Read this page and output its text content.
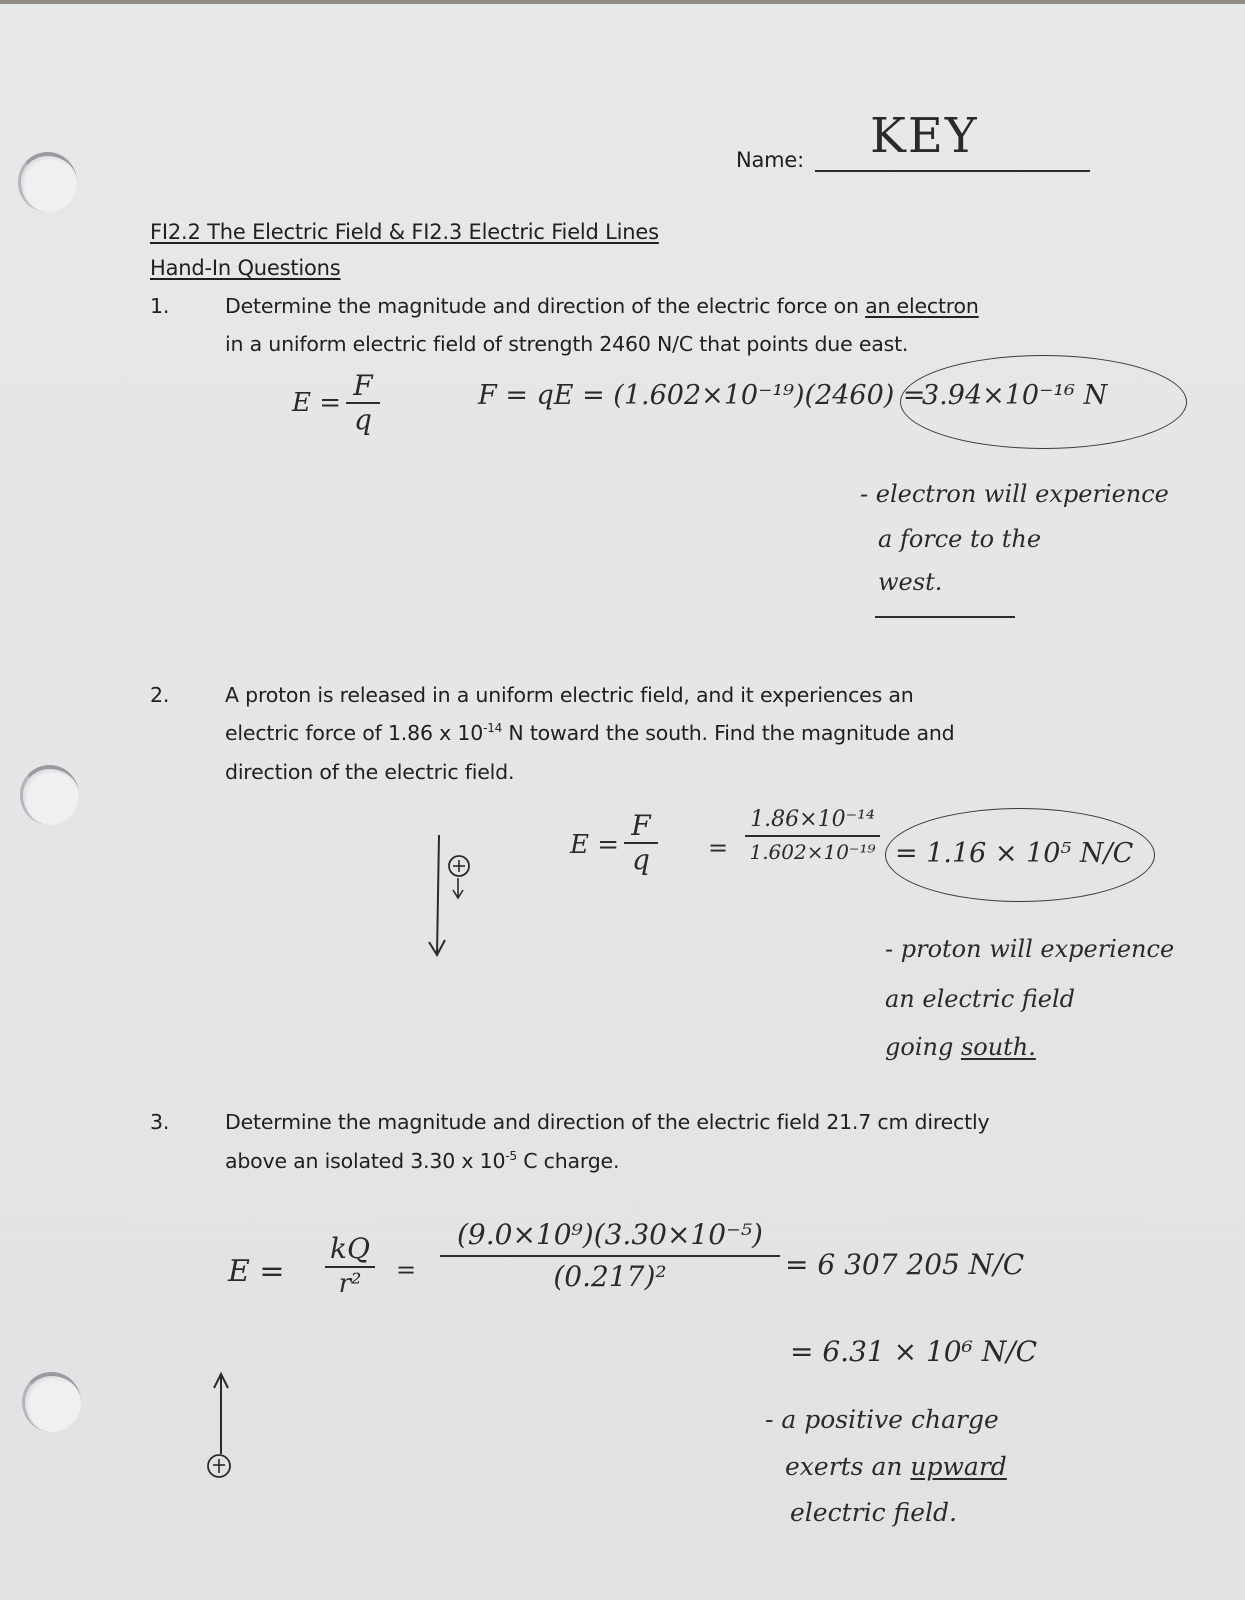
Name: KEY
FI2.2 The Electric Field & FI2.3 Electric Field Lines
Hand-In Questions
1.	Determine the magnitude and direction of the electric force on an electron
in a uniform electric field of strength 2460 N/C that points due east.
E =
F
q
F = qE = (1.602×10⁻¹⁹)(2460) =
3.94×10⁻¹⁶ N
- electron will experience
a force to the
west.
2.	A proton is released in a uniform electric field, and it experiences an
electric force of 1.86 x $10^{-14}$ N toward the south. Find the magnitude and
direction of the electric field.
E =
F
q =
1.86×10⁻¹⁴
1.602×10⁻¹⁹ = 1.16 × 10⁵ N/C
- proton will experience
an electric field
going south.
3.	Determine the magnitude and direction of the electric field 21.7 cm directly
above an isolated 3.30 x $10^{-5}$ C charge.
E =
kQ
r² =
(9.0×10⁹)(3.30×10⁻⁵)
(0.217)²	= 6 307 205 N/C
= 6.31 × 10⁶ N/C
- a positive charge
exerts an upward
electric field.
